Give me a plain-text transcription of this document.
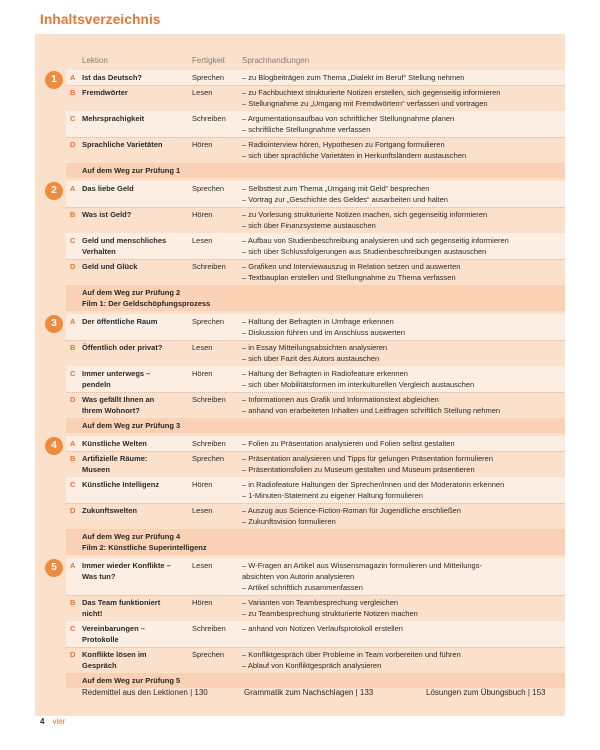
Inhaltsverzeichnis
Lektion	Fertigkeit Sprachhandlungen
A Ist das Deutsch?	Sprechen	– zu Blogbeiträgen zum Thema „Dialekt im Beruf“ Stellung nehmen
1
B Fremdwörter	Lesen	– zu Fachbuchtext strukturierte Notizen erstellen, sich gegenseitig informieren
– Stellungnahme zu „Umgang mit Fremdwörtern“ verfassen und vortragen
C Mehrsprachigkeit	Schreiben	– Argumentationsaufbau von schriftlicher Stellungnahme planen
– schriftliche Stellungnahme verfassen
D Sprachliche Varietäten	Hören	– Radiointerview hören, Hypothesen zu Fortgang formulieren
– sich über sprachliche Varietäten in Herkunftsländern austauschen
Auf dem Weg zur Prüfung 1
A Das liebe Geld	Sprechen	– Selbsttest zum Thema „Umgang mit Geld“ besprechen
– Vortrag zur „Geschichte des Geldes“ ausarbeiten und halten
2
B Was ist Geld?	Hören	– zu Vorlesung strukturierte Notizen machen, sich gegenseitig informieren
– sich über Finanzsysteme austauschen
C Geld und menschliches
Verhalten
Lesen	– Aufbau von Studienbeschreibung analysieren und sich gegenseitig informieren
– sich über Schlussfolgerungen aus Studienbeschreibungen austauschen
D Geld und Glück	Schreiben	– Grafiken und Interviewauszug in Relation setzen und auswerten
– Textbauplan erstellen und Stellungnahme zu Thema verfassen
Auf dem Weg zur Prüfung 2
Film 1: Der Geldschöpfungsprozess
A Der öffentliche Raum	Sprechen	– Haltung der Befragten in Umfrage erkennen
– Diskussion führen und im Anschluss auswerten
3
B Öffentlich oder privat?	Lesen	– in Essay Mitteilungsabsichten analysieren
– sich über Fazit des Autors austauschen
C Immer unterwegs –
pendeln
Hören	– Haltung der Befragten in Radiofeature erkennen
– sich über Mobilitätsformen im interkulturellen Vergleich austauschen
D Was gefällt Ihnen an
Ihrem Wohnort?
Schreiben	– Informationen aus Grafik und Informationstext abgleichen
– anhand von erarbeiteten Inhalten und Leitfragen schriftlich Stellung nehmen
Auf dem Weg zur Prüfung 3
A Künstliche Welten	Schreiben	– Folien zu Präsentation analysieren und Folien selbst gestalten
4
B Artifizielle Räume:
Museen
Sprechen	– Präsentation analysieren und Tipps für gelungen Präsentation formulieren
– Präsentationsfolien zu Museum gestalten und Museum präsentieren
C Künstliche Intelligenz	Hören	– in Radiofeature Haltungen der Sprecher/innen und der Moderatorin erkennen
– 1-Minuten-Statement zu eigener Haltung formulieren
D Zukunftswelten	Lesen	– Auszug aus Science-Fiction-Roman für Jugendliche erschließen
– Zukunftsvision formulieren
Auf dem Weg zur Prüfung 4
Film 2: Künstliche Superintelligenz
A Immer wieder Konflikte –
Was tun?
Lesen	– W-Fragen an Artikel aus Wissensmagazin formulieren und Mitteilungs-
absichten von Autorin analysieren
– Artikel schriftlich zusammenfassen
5
B Das Team funktioniert
nicht!
Hören	– Varianten von Teambesprechung vergleichen
– zu Teambesprechung strukturierte Notizen machen
C Vereinbarungen –
Protokolle
Schreiben	– anhand von Notizen Verlaufsprotokoll erstellen
D Konflikte lösen im
Gespräch
Sprechen	– Konfliktgespräch über Probleme in Team vorbereiten und führen
– Ablauf von Konfliktgespräch analysieren
Auf dem Weg zur Prüfung 5
Redemittel aus den Lektionen | 130	Grammatik zum Nachschlagen | 133	Lösungen zum Übungsbuch | 153
4 vier
